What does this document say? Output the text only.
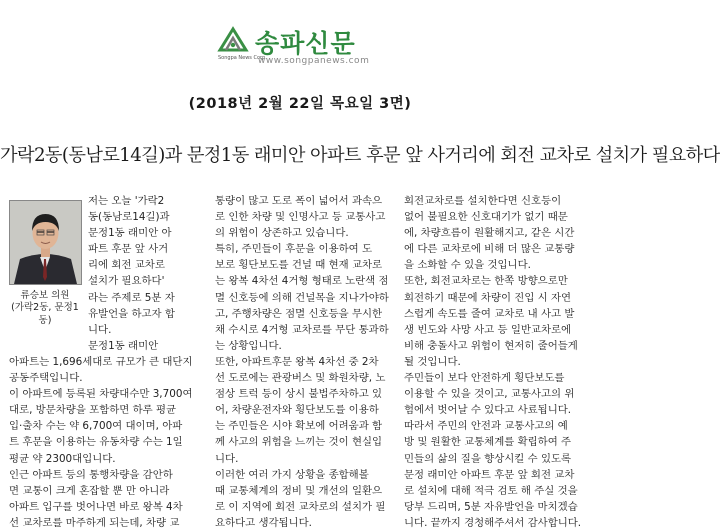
Songpa News Corp.
송파신문
www.songpanews.com
(2018년 2월 22일 목요일 3면)
가락2동(동남로14길)과 문정1동 래미안 아파트 후문 앞 사거리에 회전 교차로 설치가 필요하다
류승보 의원
(가락2동, 문정1동)
저는 오늘 '가락2
동(동남로14길)과
문정1동 래미안 아
파트 후문 앞 사거
리에 회전 교차로
설치가 필요하다'
라는 주제로 5분 자
유발언을 하고자 합
니다.
문정1동 래미안
아파트는 1,696세대로 규모가 큰 대단지
공동주택입니다.
이 아파트에 등록된 차량대수만 3,700여
대로, 방문차량을 포함하면 하루 평균
입·출차 수는 약 6,700여 대이며, 아파
트 후문을 이용하는 유동차량 수는 1일
평균 약 2300대입니다.
인근 아파트 등의 통행차량을 감안하
면 교통이 크게 혼잡할 뿐 만 아니라
아파트 입구를 벗어나면 바로 왕복 4차
선 교차로를 마주하게 되는데, 차량 교
통량이 많고 도로 폭이 넓어서 과속으
로 인한 차량 및 인명사고 등 교통사고
의 위험이 상존하고 있습니다.
특히, 주민들이 후문을 이용하여 도
보로 횡단보도를 건널 때 현재 교차로
는 왕복 4차선 4거형 형태로 노란색 점
멸 신호등에 의해 건널목을 지나가야하
고, 주행차량은 점멸 신호등을 무시한
채 수시로 4거형 교차로를 무단 통과하
는 상황입니다.
또한, 아파트후문 왕복 4차선 중 2차
선 도로에는 관광버스 및 화원차량, 노
점상 트럭 등이 상시 불법주차하고 있
어, 차량운전자와 횡단보도를 이용하
는 주민들은 시야 확보에 어려움과 함
께 사고의 위험을 느끼는 것이 현실입
니다.
이러한 여러 가지 상황을 종합해볼
때 교통체계의 정비 및 개선의 일환으
로 이 지역에 회전 교차로의 설치가 필
요하다고 생각됩니다.
회전교차로를 설치한다면 신호등이
없어 불필요한 신호대기가 없기 때문
에, 차량흐름이 원활해지고, 같은 시간
에 다른 교차로에 비해 더 많은 교통량
을 소화할 수 있을 것입니다.
또한, 회전교차로는 한쪽 방향으로만
회전하기 때문에 차량이 진입 시 자연
스럽게 속도를 줄여 교차로 내 사고 발
생 빈도와 사망 사고 등 일반교차로에
비해 충돌사고 위험이 현저히 줄어들게
될 것입니다.
주민들이 보다 안전하게 횡단보도를
이용할 수 있을 것이고, 교통사고의 위
험에서 벗어날 수 있다고 사료됩니다.
따라서 주민의 안전과 교통사고의 예
방 및 원활한 교통체계를 확립하여 주
민들의 삶의 질을 향상시킬 수 있도록
문정 래미안 아파트 후문 앞 회전 교차
로 설치에 대해 적극 검토 해 주실 것을
당부 드리며, 5분 자유발언을 마치겠습
니다. 끝까지 경청해주셔서 감사합니다.
